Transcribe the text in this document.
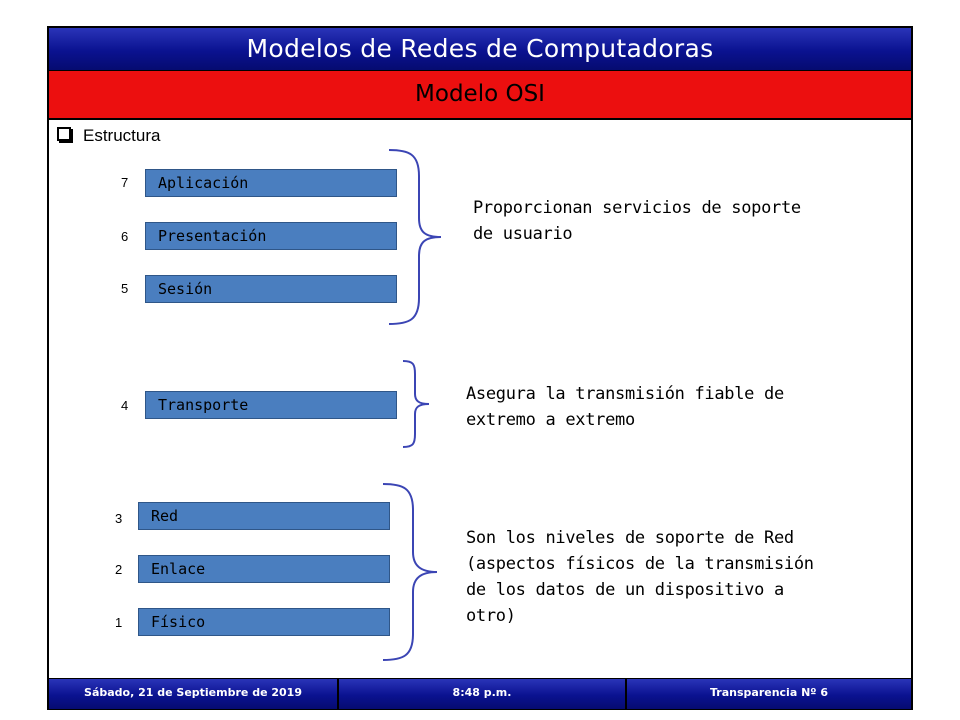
Modelos de Redes de Computadoras
Modelo OSI
Estructura
7	Aplicación
6	Presentación
5	Sesión
4	Transporte
3	Red
2	Enlace
1	Físico
Proporcionan servicios de soporte
de usuario
Asegura la transmisión fiable de
extremo a extremo
Son los niveles de soporte de Red
(aspectos físicos de la transmisión
de los datos de un dispositivo a
otro)
Sábado, 21 de Septiembre de 2019	8:48 p.m.	Transparencia Nº 6
